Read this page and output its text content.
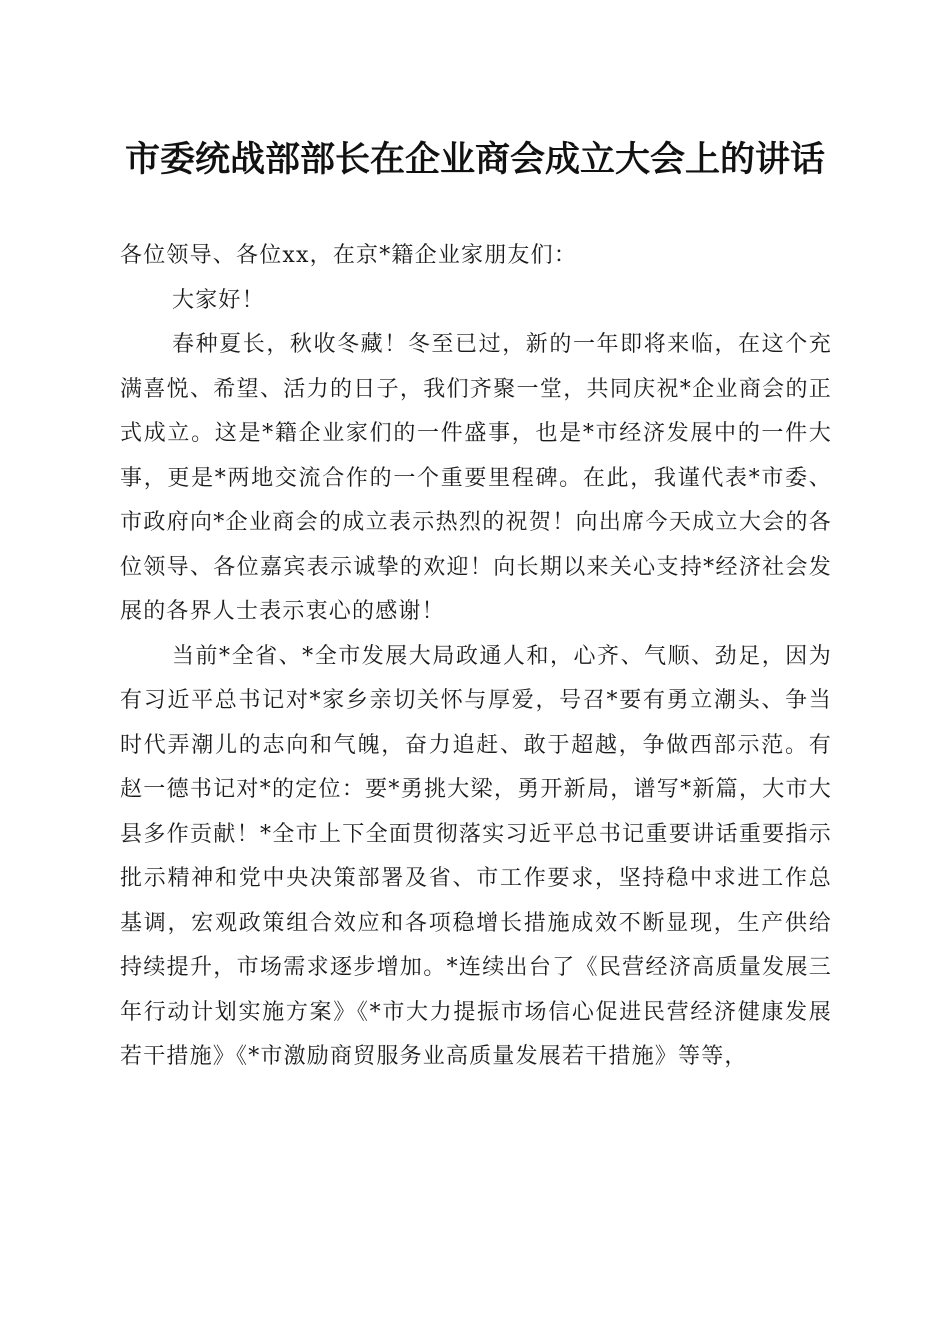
市委统战部部长在企业商会成立大会上的讲话

各位领导、各位xx，在京*籍企业家朋友们：

大家好！

春种夏长，秋收冬藏！冬至已过，新的一年即将来临，在这个充满喜悦、希望、活力的日子，我们齐聚一堂，共同庆祝*企业商会的正式成立。这是*籍企业家们的一件盛事，也是*市经济发展中的一件大事，更是*两地交流合作的一个重要里程碑。在此，我谨代表*市委、市政府向*企业商会的成立表示热烈的祝贺！向出席今天成立大会的各位领导、各位嘉宾表示诚挚的欢迎！向长期以来关心支持*经济社会发展的各界人士表示衷心的感谢！

当前*全省、*全市发展大局政通人和，心齐、气顺、劲足，因为有习近平总书记对*家乡亲切关怀与厚爱，号召*要有勇立潮头、争当时代弄潮儿的志向和气魄，奋力追赶、敢于超越，争做西部示范。有赵一德书记对*的定位：要*勇挑大梁，勇开新局，谱写*新篇，大市大县多作贡献！*全市上下全面贯彻落实习近平总书记重要讲话重要指示批示精神和党中央决策部署及省、市工作要求，坚持稳中求进工作总基调，宏观政策组合效应和各项稳增长措施成效不断显现，生产供给持续提升，市场需求逐步增加。*连续出台了《民营经济高质量发展三年行动计划实施方案》《*市大力提振市场信心促进民营经济健康发展若干措施》《*市激励商贸服务业高质量发展若干措施》等等，
